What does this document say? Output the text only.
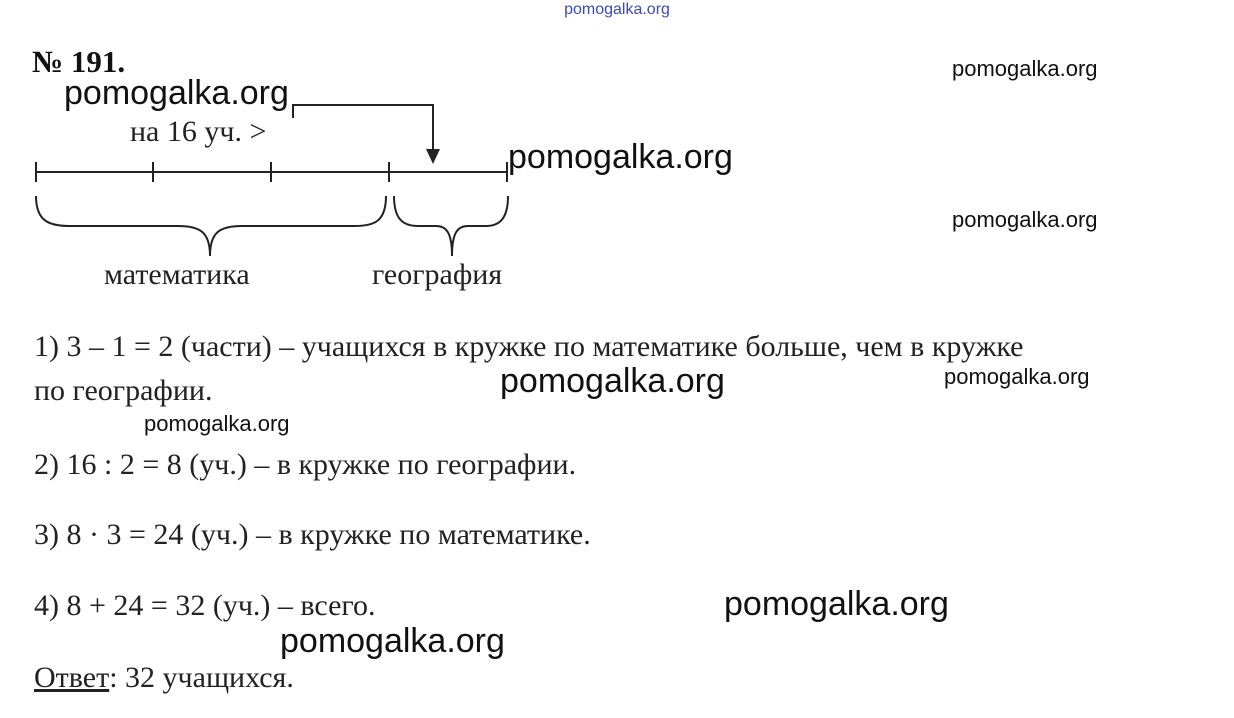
pomogalka.org
№ 191.
на 16 уч. >
математика	география
1) 3 – 1 = 2 (части) – учащихся в кружке по математике больше, чем в кружке
по географии.
2) 16 : 2 = 8 (уч.) – в кружке по географии.
3) 8 · 3 = 24 (уч.) – в кружке по математике.
4) 8 + 24 = 32 (уч.) – всего.
Ответ: 32 учащихся.
pomogalka.org
pomogalka.org
pomogalka.org
pomogalka.org
pomogalka.org	pomogalka.org
pomogalka.org
pomogalka.org
pomogalka.org
